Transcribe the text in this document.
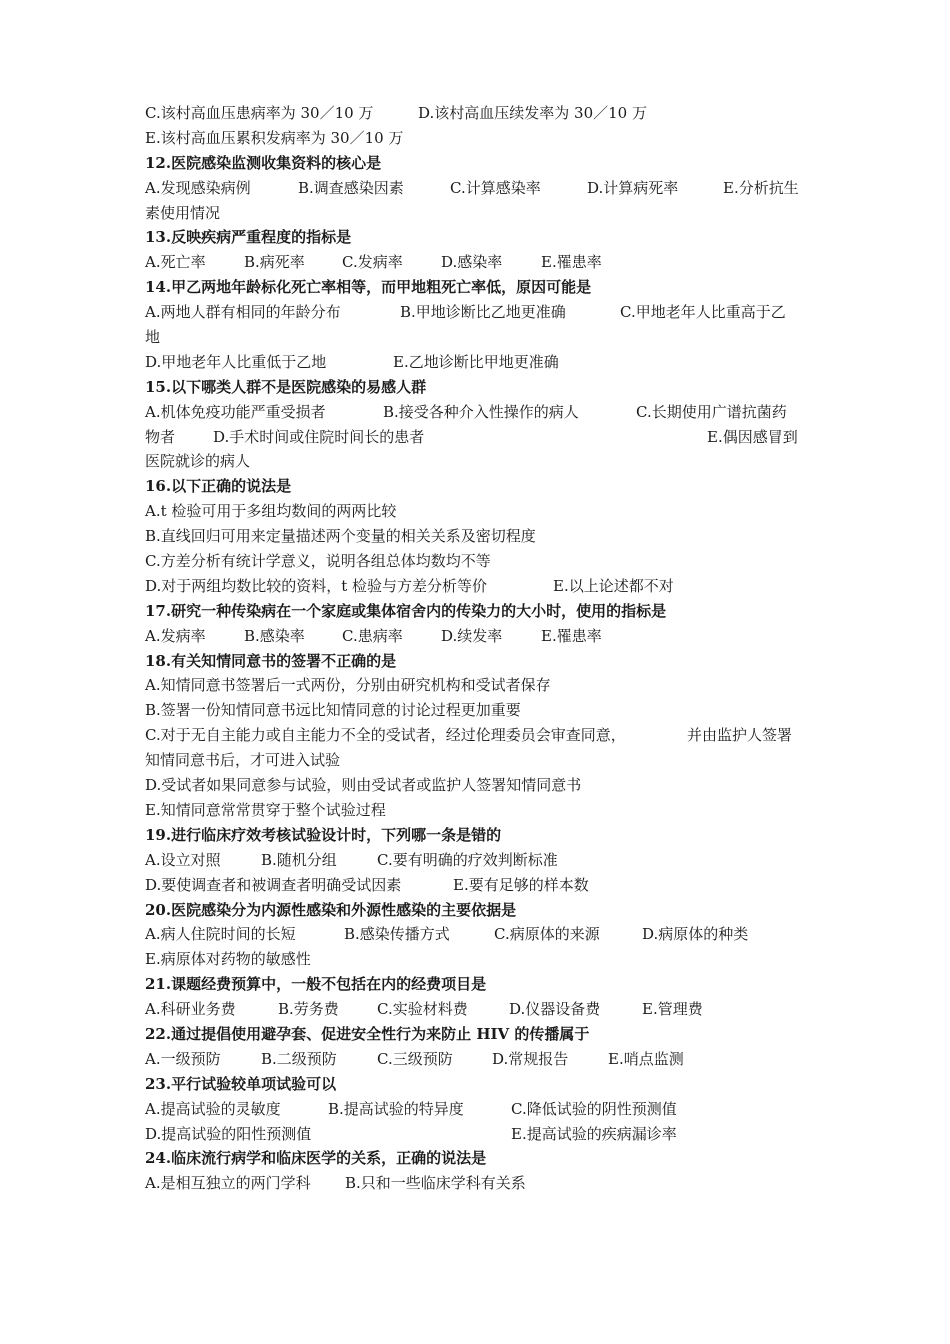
C.该村高血压患病率为 30／10 万	D.该村高血压续发率为 30／10 万
E.该村高血压累积发病率为 30／10 万
12.医院感染监测收集资料的核心是
A.发现感染病例	B.调查感染因素	C.计算感染率	D.计算病死率	E.分析抗生
素使用情况
13.反映疾病严重程度的指标是
A.死亡率	B.病死率 C.发病率	D.感染率	E.罹患率
14.甲乙两地年龄标化死亡率相等，而甲地粗死亡率低，原因可能是
A.两地人群有相同的年龄分布	B.甲地诊断比乙地更准确	C.甲地老年人比重高于乙
地
D.甲地老年人比重低于乙地	E.乙地诊断比甲地更准确
15.以下哪类人群不是医院感染的易感人群
A.机体免疫功能严重受损者	B.接受各种介入性操作的病人	C.长期使用广谱抗菌药
物者	D.手术时间或住院时间长的患者	E.偶因感冒到
医院就诊的病人
16.以下正确的说法是
A.t 检验可用于多组均数间的两两比较
B.直线回归可用来定量描述两个变量的相关关系及密切程度
C.方差分析有统计学意义，说明各组总体均数均不等
D.对于两组均数比较的资料，t 检验与方差分析等价	E.以上论述都不对
17.研究一种传染病在一个家庭或集体宿舍内的传染力的大小时，使用的指标是
A.发病率	B.感染率 C.患病率	D.续发率	E.罹患率
18.有关知情同意书的签署不正确的是
A.知情同意书签署后一式两份，分别由研究机构和受试者保存
B.签署一份知情同意书远比知情同意的讨论过程更加重要
C.对于无自主能力或自主能力不全的受试者，经过伦理委员会审查同意，	并由监护人签署
知情同意书后，才可进入试验
D.受试者如果同意参与试验，则由受试者或监护人签署知情同意书
E.知情同意常常贯穿于整个试验过程
19.进行临床疗效考核试验设计时，下列哪一条是错的
A.设立对照	B.随机分组	C.要有明确的疗效判断标准
D.要使调查者和被调查者明确受试因素	E.要有足够的样本数
20.医院感染分为内源性感染和外源性感染的主要依据是
A.病人住院时间的长短	B.感染传播方式	C.病原体的来源	D.病原体的种类
E.病原体对药物的敏感性
21.课题经费预算中，一般不包括在内的经费项目是
A.科研业务费	B.劳务费	C.实验材料费	D.仪器设备费	E.管理费
22.通过提倡使用避孕套、促进安全性行为来防止 HIV 的传播属于
A.一级预防	B.二级预防	C.三级预防	D.常规报告	E.哨点监测
23.平行试验较单项试验可以
A.提高试验的灵敏度	B.提高试验的特异度	C.降低试验的阴性预测值
D.提高试验的阳性预测值	E.提高试验的疾病漏诊率
24.临床流行病学和临床医学的关系，正确的说法是
A.是相互独立的两门学科 B.只和一些临床学科有关系
